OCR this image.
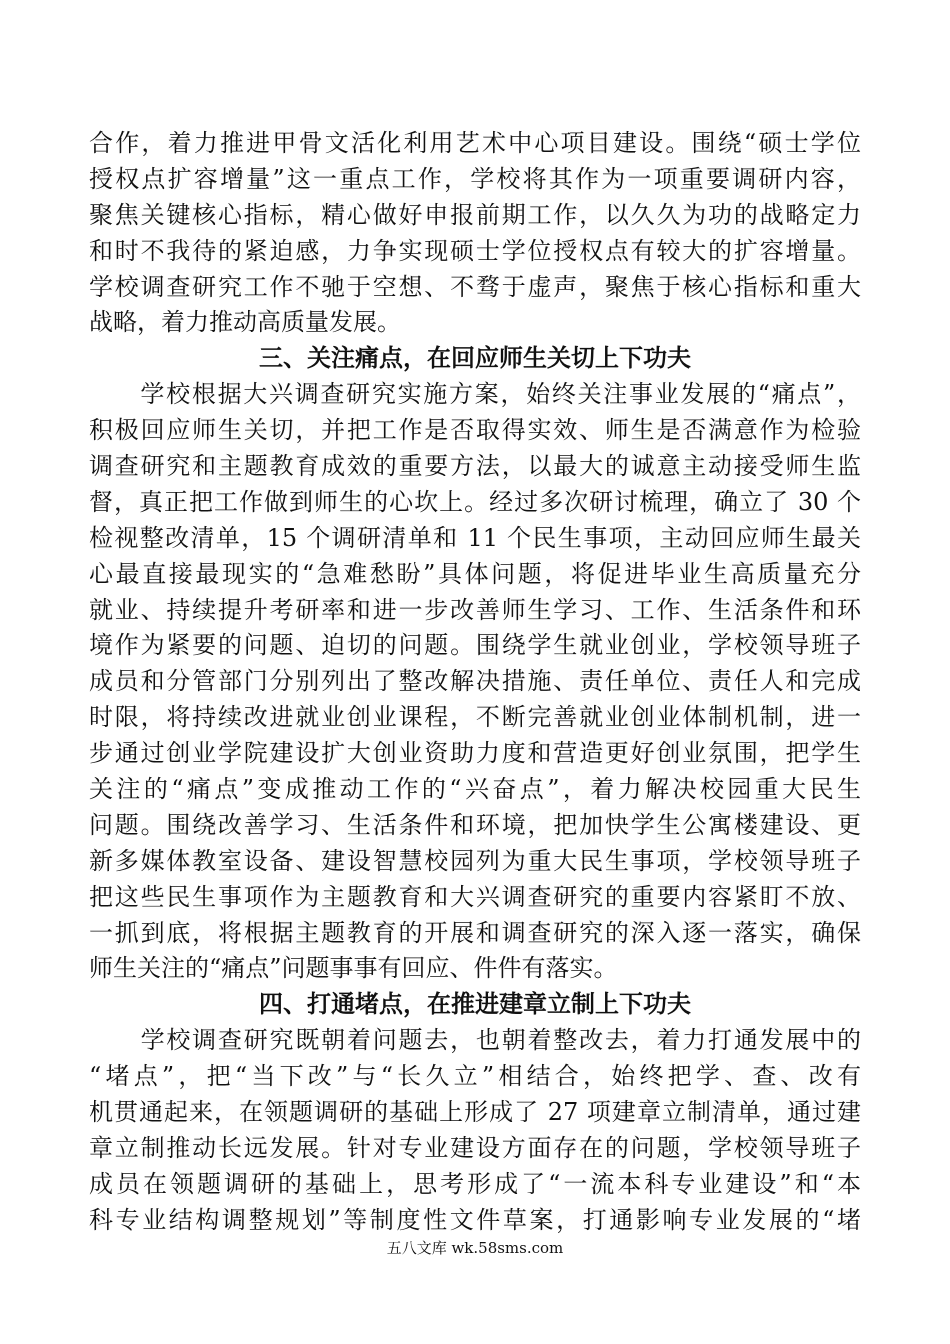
合作，着力推进甲骨文活化利用艺术中心项目建设。围绕“硕士学位
授权点扩容增量”这一重点工作，学校将其作为一项重要调研内容，
聚焦关键核心指标，精心做好申报前期工作，以久久为功的战略定力
和时不我待的紧迫感，力争实现硕士学位授权点有较大的扩容增量。
学校调查研究工作不驰于空想、不骛于虚声，聚焦于核心指标和重大
战略，着力推动高质量发展。
三、关注痛点，在回应师生关切上下功夫
　　学校根据大兴调查研究实施方案，始终关注事业发展的“痛点”，
积极回应师生关切，并把工作是否取得实效、师生是否满意作为检验
调查研究和主题教育成效的重要方法，以最大的诚意主动接受师生监
督，真正把工作做到师生的心坎上。经过多次研讨梳理，确立了 30 个
检视整改清单，15 个调研清单和 11 个民生事项，主动回应师生最关
心最直接最现实的“急难愁盼”具体问题，将促进毕业生高质量充分
就业、持续提升考研率和进一步改善师生学习、工作、生活条件和环
境作为紧要的问题、迫切的问题。围绕学生就业创业，学校领导班子
成员和分管部门分别列出了整改解决措施、责任单位、责任人和完成
时限，将持续改进就业创业课程，不断完善就业创业体制机制，进一
步通过创业学院建设扩大创业资助力度和营造更好创业氛围，把学生
关注的“痛点”变成推动工作的“兴奋点”，着力解决校园重大民生
问题。围绕改善学习、生活条件和环境，把加快学生公寓楼建设、更
新多媒体教室设备、建设智慧校园列为重大民生事项，学校领导班子
把这些民生事项作为主题教育和大兴调查研究的重要内容紧盯不放、
一抓到底，将根据主题教育的开展和调查研究的深入逐一落实，确保
师生关注的“痛点”问题事事有回应、件件有落实。
四、打通堵点，在推进建章立制上下功夫
　　学校调查研究既朝着问题去，也朝着整改去，着力打通发展中的
“堵点”，把“当下改”与“长久立”相结合，始终把学、查、改有
机贯通起来，在领题调研的基础上形成了 27 项建章立制清单，通过建
章立制推动长远发展。针对专业建设方面存在的问题，学校领导班子
成员在领题调研的基础上，思考形成了“一流本科专业建设”和“本
科专业结构调整规划”等制度性文件草案，打通影响专业发展的“堵
五八文库 wk.58sms.com
